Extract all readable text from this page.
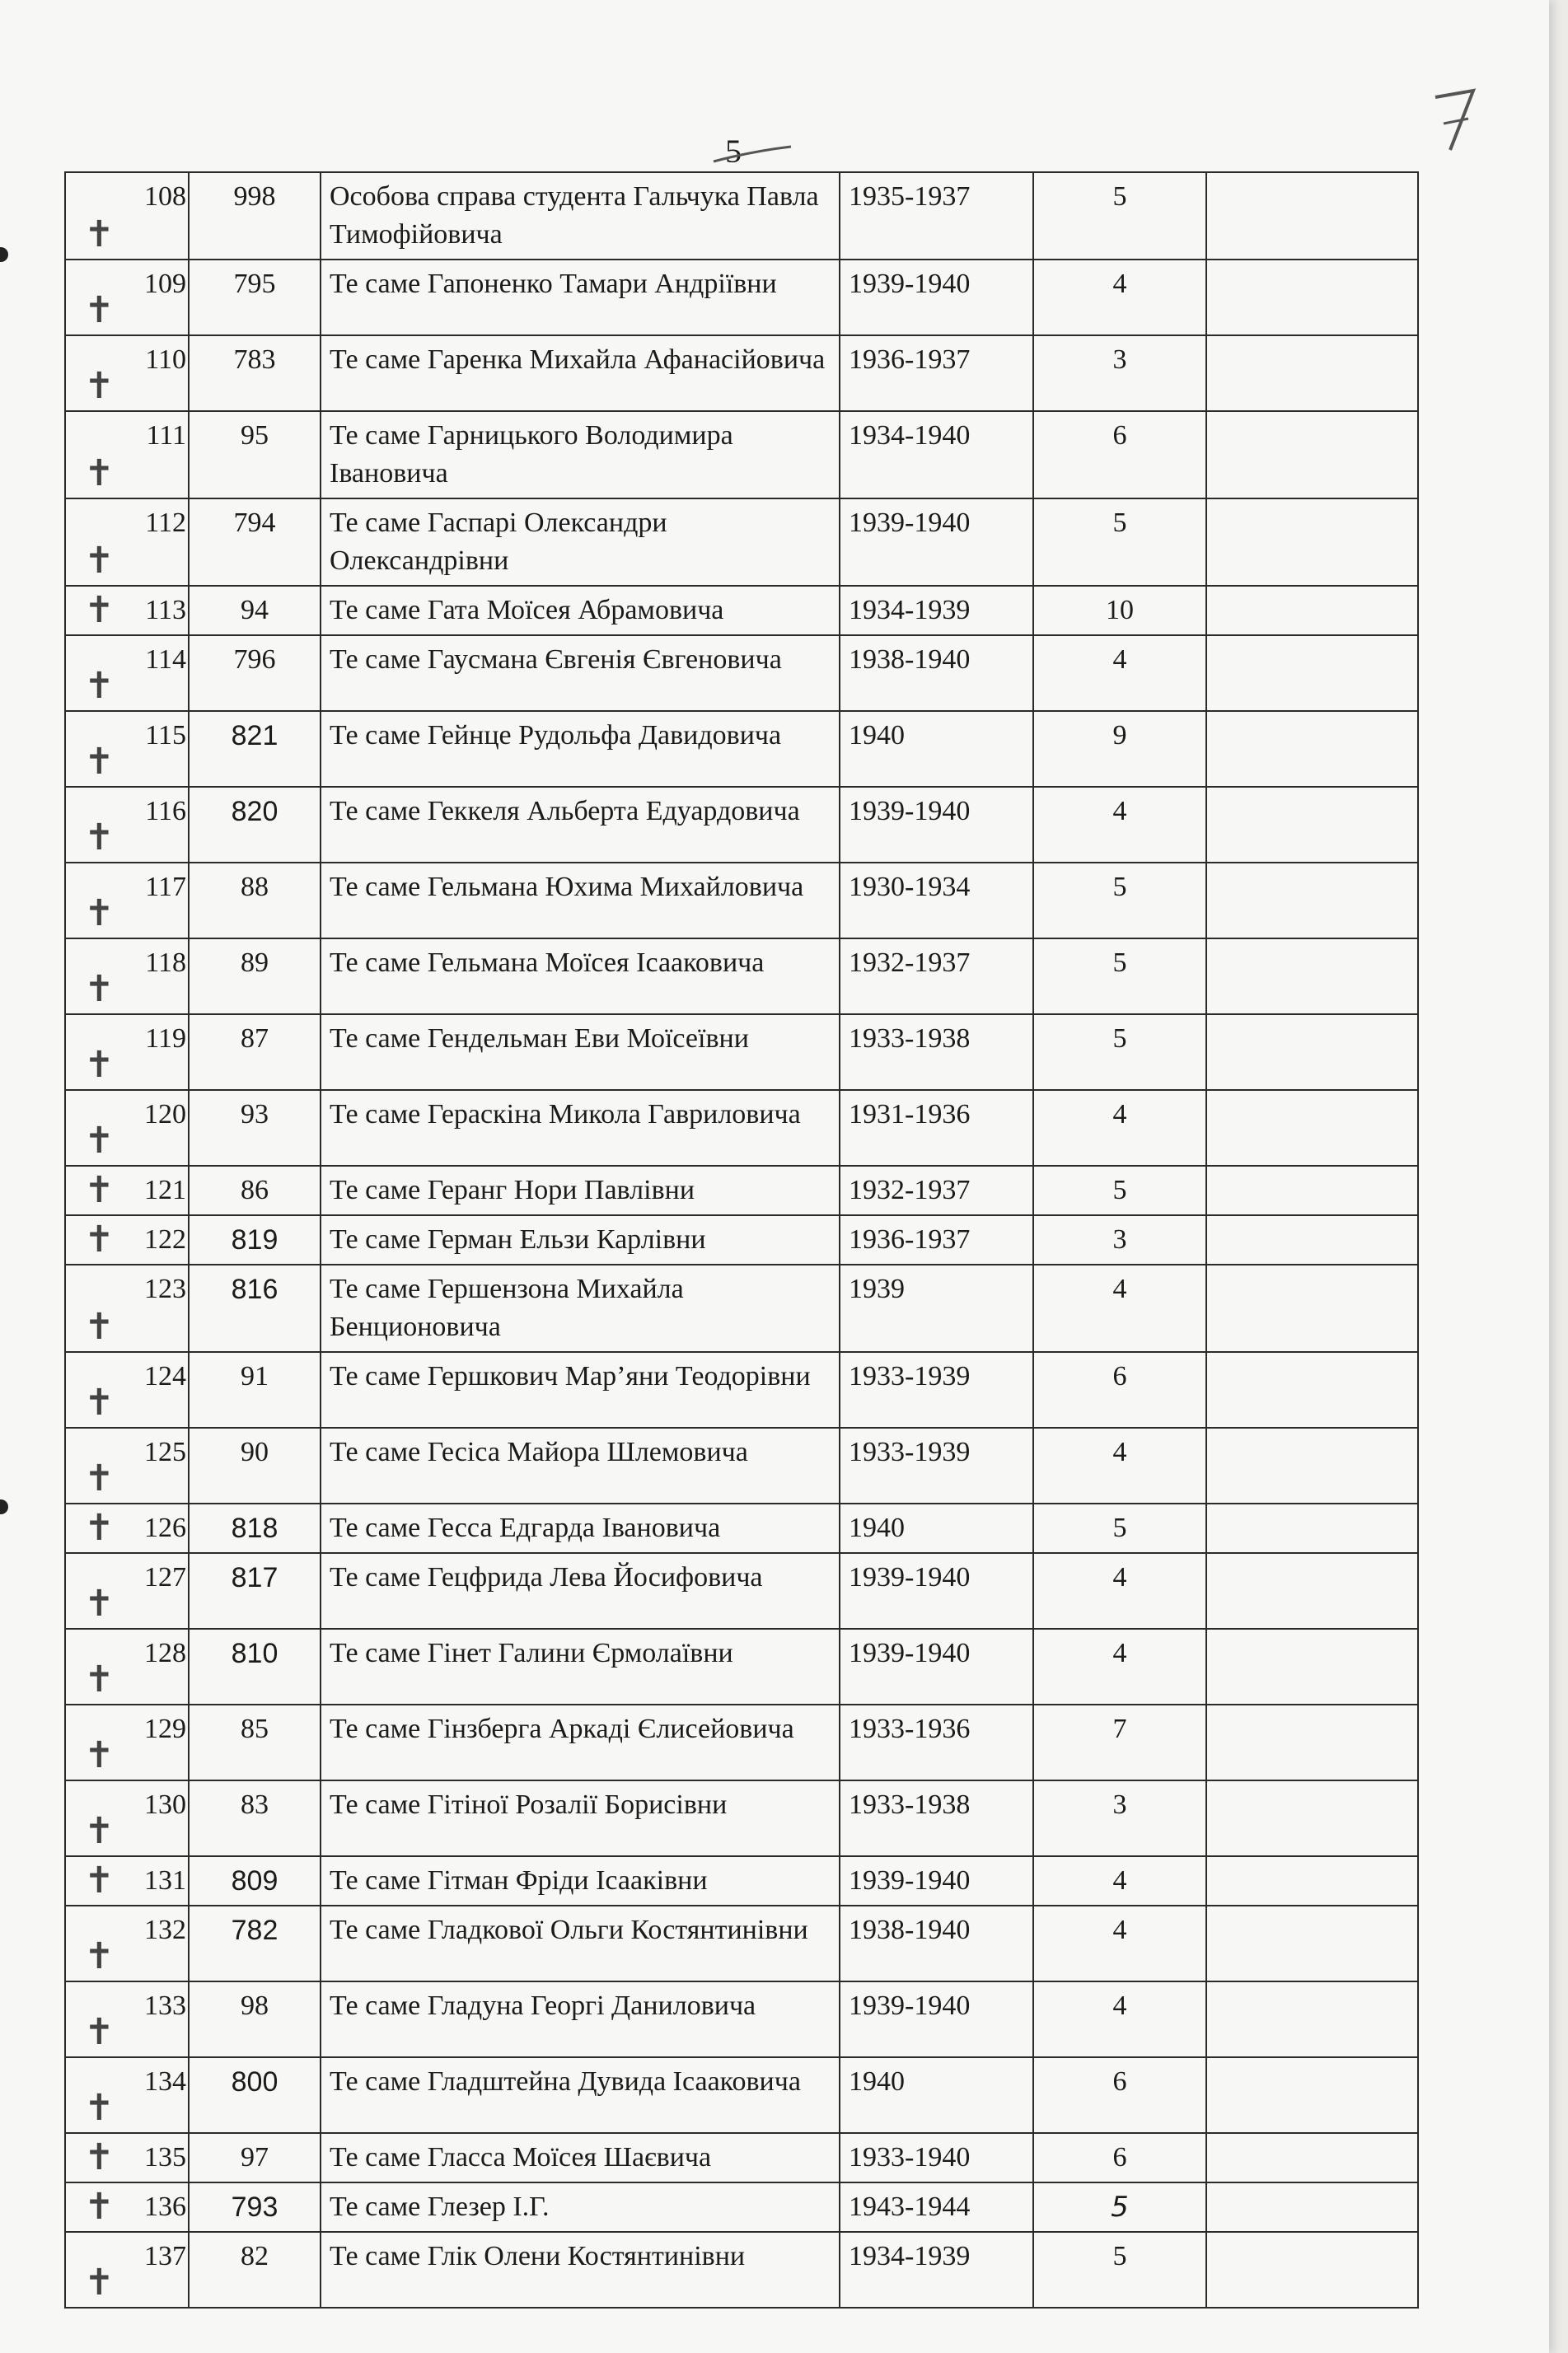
5
7
✝
108	998	Особова справа студента Гальчука Павла Тимофійовича	1935-1937	5	

✝
109	795	Те саме Гапоненко Тамари Андріївни	1939-1940	4	

✝
110	783	Те саме Гаренка Михайла Афанасійовича	1936-1937	3	

✝
111	95	Те саме Гарницького Володимира Івановича	1934-1940	6	

✝
112	794	Те саме Гаспарі Олександри Олександрівни	1939-1940	5	

✝ 113	94	Те саме Гата Моїсея Абрамовича	1934-1939	10	

✝
114	796	Те саме Гаусмана Євгенія Євгеновича	1938-1940	4	

✝
115	821	Те саме Гейнце Рудольфа Давидовича	1940	9	

✝
116	820	Те саме Геккеля Альберта Едуардовича	1939-1940	4	

✝
117	88	Те саме Гельмана Юхима Михайловича	1930-1934	5	

✝
118	89	Те саме Гельмана Моїсея Ісааковича	1932-1937	5	

✝
119	87	Те саме Гендельман Еви Моїсеївни	1933-1938	5	

✝
120	93	Те саме Гераскіна Микола Гавриловича	1931-1936	4	

✝ 121	86	Те саме Геранг Нори Павлівни	1932-1937	5	

✝ 122	819	Те саме Герман Ельзи Карлівни	1936-1937	3	

✝
123	816	Те саме Гершензона Михайла Бенционовича	1939	4	

✝
124	91	Те саме Гершкович Мар’яни Теодорівни	1933-1939	6	

✝
125	90	Те саме Гесіса Майора Шлемовича	1933-1939	4	

✝ 126	818	Те саме Гесса Едгарда Івановича	1940	5	

✝
127	817	Те саме Гецфрида Лева Йосифовича	1939-1940	4	

✝
128	810	Те саме Гінет Галини Єрмолаївни	1939-1940	4	

✝
129	85	Те саме Гінзберга Аркаді Єлисейовича	1933-1936	7	

✝
130	83	Те саме Гітіної Розалії Борисівни	1933-1938	3	

✝ 131	809	Те саме Гітман Фріди Ісааківни	1939-1940	4	

✝
132	782	Те саме Гладкової Ольги Костянтинівни	1938-1940	4	

✝
133	98	Те саме Гладуна Георгі Даниловича	1939-1940	4	

✝
134	800	Те саме Гладштейна Дувида Ісааковича	1940	6	

✝ 135	97	Те саме Гласса Моїсея Шаєвича	1933-1940	6	

✝ 136	793	Те саме Глезер І.Г.	1943-1944	5	

✝
137	82	Те саме Глік Олени Костянтинівни	1934-1939	5	
